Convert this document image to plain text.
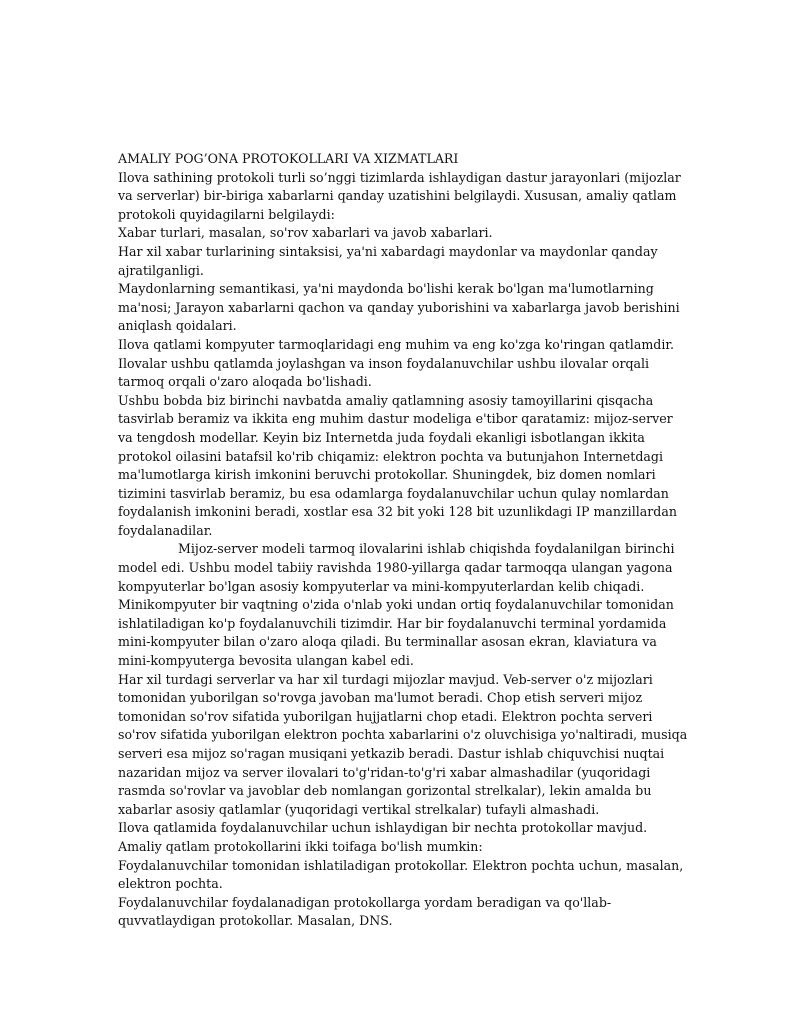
AMALIY POG’ONA PROTOKOLLARI VA XIZMATLARI

Ilova sathining protokoli turli so’nggi tizimlarda ishlaydigan dastur jarayonlari (mijozlar va serverlar) bir-biriga xabarlarni qanday uzatishini belgilaydi. Xususan, amaliy qatlam protokoli quyidagilarni belgilaydi:

Xabar turlari, masalan, so'rov xabarlari va javob xabarlari.

Har xil xabar turlarining sintaksisi, ya'ni xabardagi maydonlar va maydonlar qanday ajratilganligi.

Maydonlarning semantikasi, ya'ni maydonda bo'lishi kerak bo'lgan ma'lumotlarning ma'nosi; Jarayon xabarlarni qachon va qanday yuborishini va xabarlarga javob berishini aniqlash qoidalari.

Ilova qatlami kompyuter tarmoqlaridagi eng muhim va eng ko'zga ko'ringan qatlamdir. Ilovalar ushbu qatlamda joylashgan va inson foydalanuvchilar ushbu ilovalar orqali tarmoq orqali o'zaro aloqada bo'lishadi.

Ushbu bobda biz birinchi navbatda amaliy qatlamning asosiy tamoyillarini qisqacha tasvirlab beramiz va ikkita eng muhim dastur modeliga e'tibor qaratamiz: mijoz-server va tengdosh modellar. Keyin biz Internetda juda foydali ekanligi isbotlangan ikkita protokol oilasini batafsil ko'rib chiqamiz: elektron pochta va butunjahon Internetdagi ma'lumotlarga kirish imkonini beruvchi protokollar. Shuningdek, biz domen nomlari tizimini tasvirlab beramiz, bu esa odamlarga foydalanuvchilar uchun qulay nomlardan foydalanish imkonini beradi, xostlar esa 32 bit yoki 128 bit uzunlikdagi IP manzillardan foydalanadilar.

Mijoz-server modeli tarmoq ilovalarini ishlab chiqishda foydalanilgan birinchi model edi. Ushbu model tabiiy ravishda 1980-yillarga qadar tarmoqqa ulangan yagona kompyuterlar bo'lgan asosiy kompyuterlar va mini-kompyuterlardan kelib chiqadi.

Minikompyuter bir vaqtning o'zida o'nlab yoki undan ortiq foydalanuvchilar tomonidan ishlatiladigan ko'p foydalanuvchili tizimdir. Har bir foydalanuvchi terminal yordamida mini-kompyuter bilan o'zaro aloqa qiladi. Bu terminallar asosan ekran, klaviatura va mini-kompyuterga bevosita ulangan kabel edi.

Har xil turdagi serverlar va har xil turdagi mijozlar mavjud. Veb-server o'z mijozlari tomonidan yuborilgan so'rovga javoban ma'lumot beradi. Chop etish serveri mijoz tomonidan so'rov sifatida yuborilgan hujjatlarni chop etadi. Elektron pochta serveri so'rov sifatida yuborilgan elektron pochta xabarlarini o'z oluvchisiga yo'naltiradi, musiqa serveri esa mijoz so'ragan musiqani yetkazib beradi. Dastur ishlab chiquvchisi nuqtai nazaridan mijoz va server ilovalari to'g'ridan-to'g'ri xabar almashadilar (yuqoridagi rasmda so'rovlar va javoblar deb nomlangan gorizontal strelkalar), lekin amalda bu xabarlar asosiy qatlamlar (yuqoridagi vertikal strelkalar) tufayli almashadi.

Ilova qatlamida foydalanuvchilar uchun ishlaydigan bir nechta protokollar mavjud. Amaliy qatlam protokollarini ikki toifaga bo'lish mumkin:

Foydalanuvchilar tomonidan ishlatiladigan protokollar. Elektron pochta uchun, masalan, elektron pochta.

Foydalanuvchilar foydalanadigan protokollarga yordam beradigan va qo'llab-quvvatlaydigan protokollar. Masalan, DNS.
